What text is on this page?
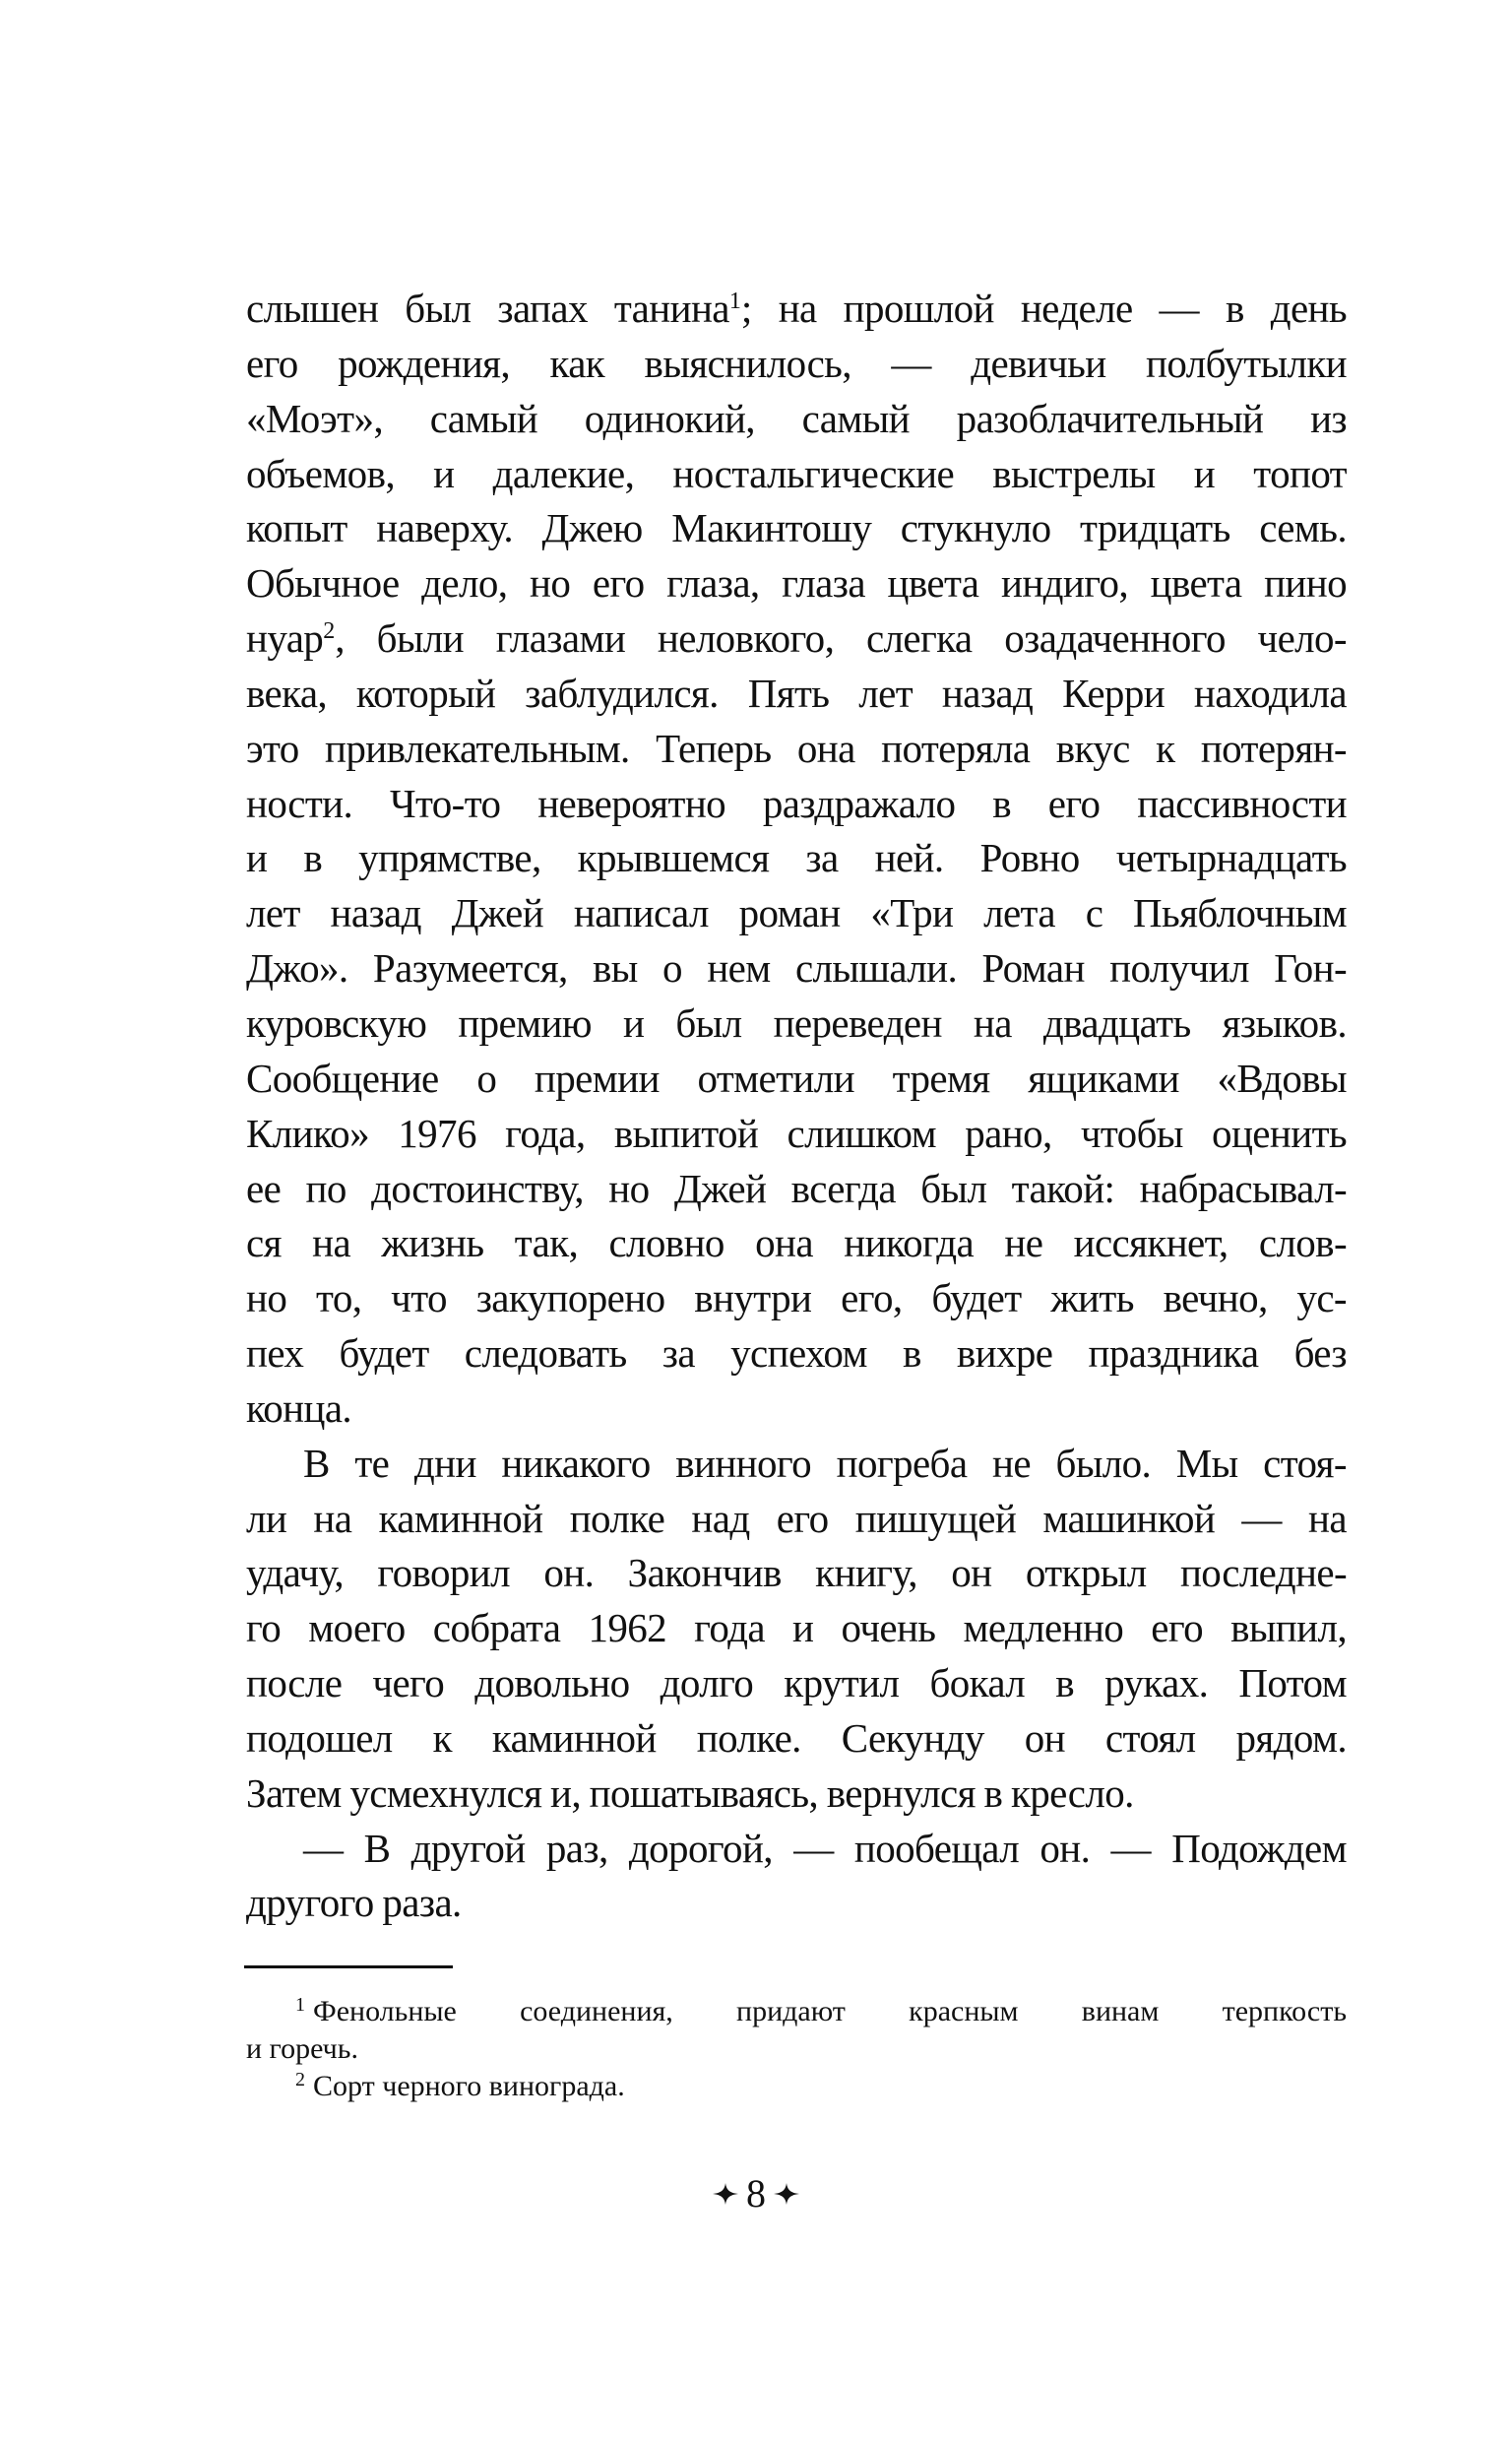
слышен был запах танина$^1$; на прошлой неделе — в день
его рождения, как выяснилось, — девичьи полбутылки
«Моэт», самый одинокий, самый разоблачительный из
объемов, и далекие, ностальгические выстрелы и топот
копыт наверху. Джею Макинтошу стукнуло тридцать семь.
Обычное дело, но его глаза, глаза цвета индиго, цвета пино
нуар$^2$, были глазами неловкого, слегка озадаченного чело-
века, который заблудился. Пять лет назад Керри находила
это привлекательным. Теперь она потеряла вкус к потерян-
ности. Что-то невероятно раздражало в его пассивности
и в упрямстве, крывшемся за ней. Ровно четырнадцать
лет назад Джей написал роман «Три лета с Пьяблочным
Джо». Разумеется, вы о нем слышали. Роман получил Гон-
куровскую премию и был переведен на двадцать языков.
Сообщение о премии отметили тремя ящиками «Вдовы
Клико» 1976 года, выпитой слишком рано, чтобы оценить
ее по достоинству, но Джей всегда был такой: набрасывал-
ся на жизнь так, словно она никогда не иссякнет, слов-
но то, что закупорено внутри его, будет жить вечно, ус-
пех будет следовать за успехом в вихре праздника без
конца.
В те дни никакого винного погреба не было. Мы стоя-
ли на каминной полке над его пишущей машинкой — на
удачу, говорил он. Закончив книгу, он открыл последне-
го моего собрата 1962 года и очень медленно его выпил,
после чего довольно долго крутил бокал в руках. Потом
подошел к каминной полке. Секунду он стоял рядом.
Затем усмехнулся и, пошатываясь, вернулся в кресло.
— В другой раз, дорогой, — пообещал он. — Подождем
другого раза.
$^1$ Фенольные соединения, придают красным винам терпкость
и горечь.
$^2$ Сорт черного винограда.
8
